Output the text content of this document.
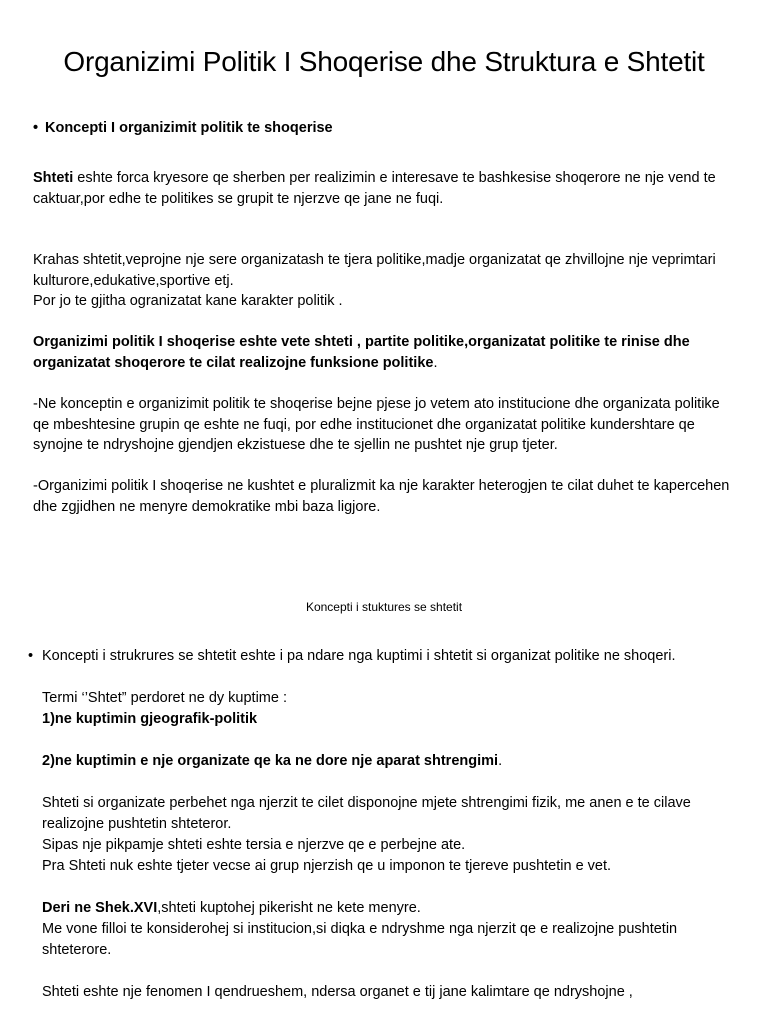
Organizimi Politik I Shoqerise dhe Struktura e Shtetit
• Koncepti I organizimit politik te shoqerise
Shteti eshte forca kryesore qe sherben per realizimin e interesave te bashkesise shoqerore ne nje vend te caktuar,por edhe te politikes se grupit te njerzve qe jane ne fuqi.
Krahas shtetit,veprojne nje sere organizatash te tjera politike,madje organizatat qe zhvillojne nje veprimtari kulturore,edukative,sportive etj.
Por jo te gjitha ogranizatat kane karakter politik .
Organizimi politik I shoqerise eshte vete shteti , partite politike,organizatat politike te rinise dhe organizatat shoqerore te cilat realizojne funksione politike.
-Ne konceptin e organizimit politik te shoqerise bejne pjese jo vetem ato institucione dhe organizata politike qe mbeshtesine grupin qe eshte ne fuqi, por edhe institucionet dhe organizatat politike kundershtare qe synojne te ndryshojne gjendjen ekzistuese dhe te sjellin ne pushtet nje grup tjeter.
-Organizimi politik I shoqerise ne kushtet e pluralizmit ka nje karakter heterogjen te cilat duhet te kapercehen dhe zgjidhen ne menyre demokratike mbi baza ligjore.
Koncepti i stuktures se shtetit
• Koncepti i strukrures se shtetit eshte i pa ndare nga kuptimi i shtetit si organizat politike ne shoqeri.
Termi ‘’Shtet” perdoret ne dy kuptime :
1)ne kuptimin gjeografik-politik
2)ne kuptimin e nje organizate qe ka ne dore nje aparat shtrengimi.
Shteti si organizate perbehet nga njerzit te cilet disponojne mjete shtrengimi fizik, me anen e te cilave realizojne pushtetin shteteror.
Sipas nje pikpamje shteti eshte tersia e njerzve qe e perbejne ate.
Pra Shteti nuk eshte tjeter vecse ai grup njerzish qe u imponon te tjereve pushtetin e vet.
Deri ne Shek.XVI,shteti kuptohej pikerisht ne kete menyre.
Me vone filloi te konsiderohej si institucion,si diqka e ndryshme nga njerzit qe e realizojne pushtetin shteterore.
Shteti eshte nje fenomen I qendrueshem, ndersa organet e tij jane kalimtare qe ndryshojne ,
